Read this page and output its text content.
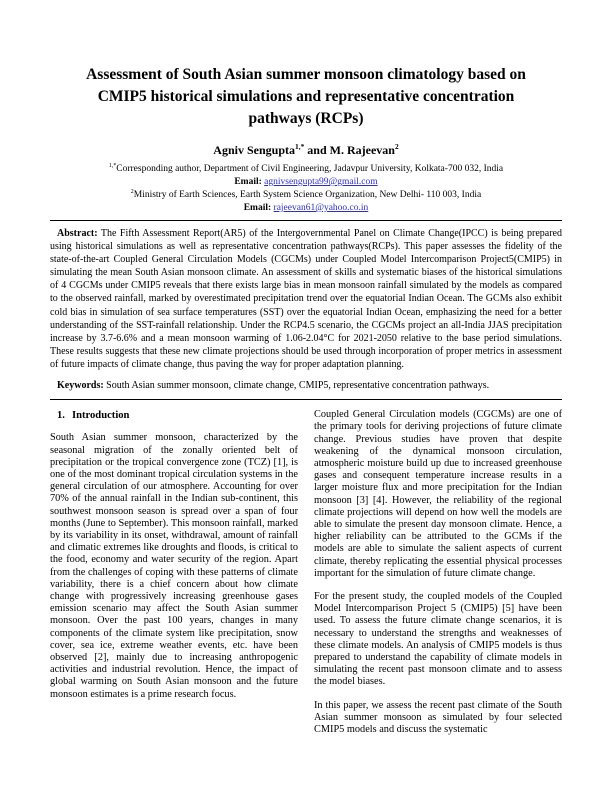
Assessment of South Asian summer monsoon climatology based on
CMIP5 historical simulations and representative concentration
pathways (RCPs)
Agniv Sengupta$^{1,*}$ and M. Rajeevan$^2$
$^{1,*}$Corresponding author, Department of Civil Engineering, Jadavpur University, Kolkata-700 032, India
Email: agnivsengupta99@gmail.com
$^2$Ministry of Earth Sciences, Earth System Science Organization, New Delhi- 110 003, India
Email: rajeevan61@yahoo.co.in

Abstract: The Fifth Assessment Report(AR5) of the Intergovernmental Panel on Climate Change(IPCC) is being prepared using historical simulations as well as representative concentration pathways(RCPs). This paper assesses the fidelity of the state-of-the-art Coupled General Circulation Models (CGCMs) under Coupled Model Intercomparison Project5(CMIP5) in simulating the mean South Asian monsoon climate. An assessment of skills and systematic biases of the historical simulations of 4 CGCMs under CMIP5 reveals that there exists large bias in mean monsoon rainfall simulated by the models as compared to the observed rainfall, marked by overestimated precipitation trend over the equatorial Indian Ocean. The GCMs also exhibit cold bias in simulation of sea surface temperatures (SST) over the equatorial Indian Ocean, emphasizing the need for a better understanding of the SST-rainfall relationship. Under the RCP4.5 scenario, the CGCMs project an all-India JJAS precipitation increase by 3.7-6.6% and a mean monsoon warming of 1.06-2.04°C for 2021-2050 relative to the base period simulations. These results suggests that these new climate projections should be used through incorporation of proper metrics in assessment of future impacts of climate change, thus paving the way for proper adaptation planning.

Keywords: South Asian summer monsoon, climate change, CMIP5, representative concentration pathways.

1. Introduction

South Asian summer monsoon, characterized by the seasonal migration of the zonally oriented belt of precipitation or the tropical convergence zone (TCZ) [1], is one of the most dominant tropical circulation systems in the general circulation of our atmosphere. Accounting for over 70% of the annual rainfall in the Indian sub-continent, this southwest monsoon season is spread over a span of four months (June to September). This monsoon rainfall, marked by its variability in its onset, withdrawal, amount of rainfall and climatic extremes like droughts and floods, is critical to the food, economy and water security of the region. Apart from the challenges of coping with these patterns of climate variability, there is a chief concern about how climate change with progressively increasing greenhouse gases emission scenario may affect the South Asian summer monsoon. Over the past 100 years, changes in many components of the climate system like precipitation, snow cover, sea ice, extreme weather events, etc. have been observed [2], mainly due to increasing anthropogenic activities and industrial revolution. Hence, the impact of global warming on South Asian monsoon and the future monsoon estimates is a prime research focus.

Coupled General Circulation models (CGCMs) are one of the primary tools for deriving projections of future climate change. Previous studies have proven that despite weakening of the dynamical monsoon circulation, atmospheric moisture build up due to increased greenhouse gases and consequent temperature increase results in a larger moisture flux and more precipitation for the Indian monsoon [3] [4]. However, the reliability of the regional climate projections will depend on how well the models are able to simulate the present day monsoon climate. Hence, a higher reliability can be attributed to the GCMs if the models are able to simulate the salient aspects of current climate, thereby replicating the essential physical processes important for the simulation of future climate change.

For the present study, the coupled models of the Coupled Model Intercomparison Project 5 (CMIP5) [5] have been used. To assess the future climate change scenarios, it is necessary to understand the strengths and weaknesses of these climate models. An analysis of CMIP5 models is thus prepared to understand the capability of climate models in simulating the recent past monsoon climate and to assess the model biases.

In this paper, we assess the recent past climate of the South Asian summer monsoon as simulated by four selected CMIP5 models and discuss the systematic
